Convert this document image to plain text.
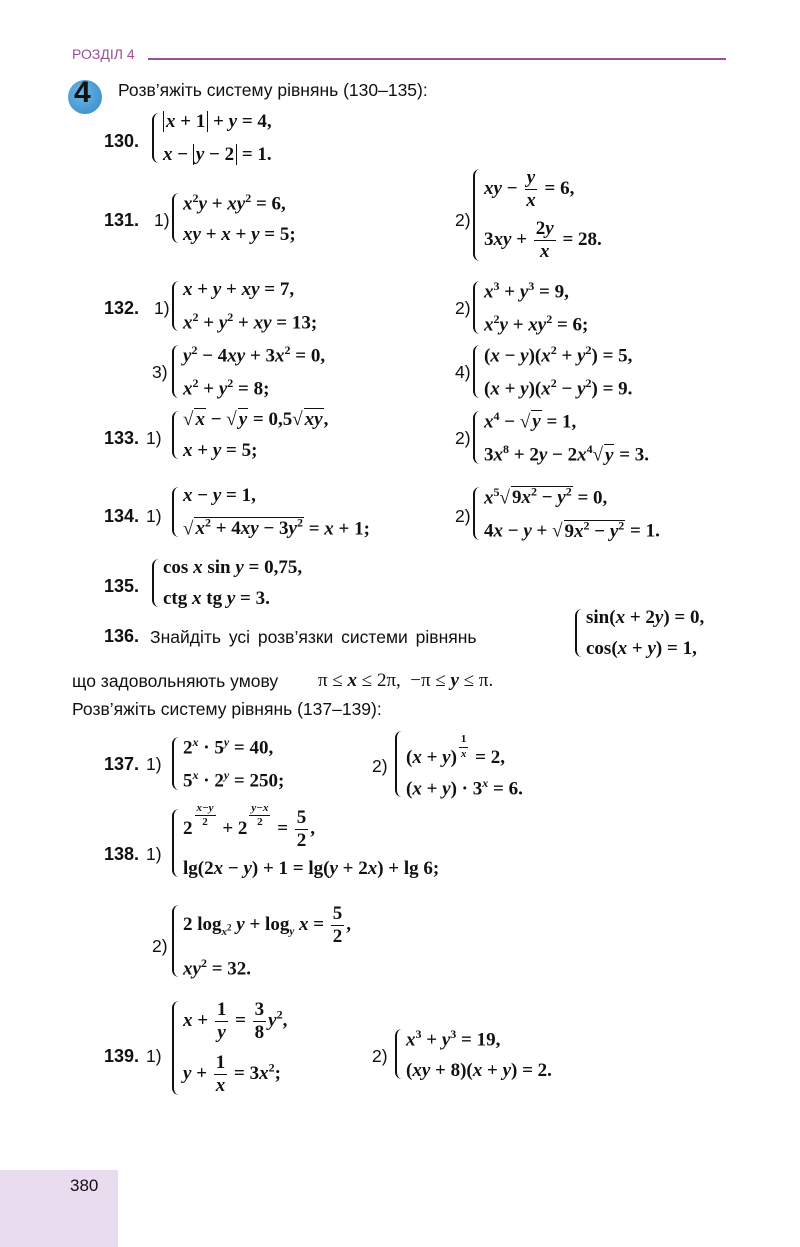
РОЗДІЛ 4
4 Розв’яжіть систему рівнянь (130–135):
130.
x + 1 + y = 4,
x − y − 2 = 1.
131. 1)
$x^2y + xy^2 = 6$,
xy + x + y = 5;
2)
xy − $\frac{y}{x} = 6$,
$3xy + \frac{2y}{x} = 28$.
132. 1)
x + y + xy = 7,
$x^2 + y^2$ + xy = 13;
2)
$x^3 + y^3 = 9$,
$x^2y + xy^2 = 6$;
3)
$y^2 - 4xy + 3x^2 = 0$,
$x^2 + y^2 = 8$;
4)
$(x - y)(x^2 + y^2) = 5$,
$(x + y)(x^2 - y^2) = 9$.
133. 1)
√ x − √ y = 0,5√ xy,
x + y = 5;
2)
$x^4$ − √ y = 1,
$3x^8 + 2y - 2x^4√$ y = 3.
134. 1)
x − y = 1,
√ $x^2 + 4xy - 3y^2 = x + 1$;
2)
$x^5√$ $9x^2 - y^2 = 0$,
4x − y + √ $9x^2 - y^2 = 1$.
135.
cos x sin y = 0,75,
ctg x tg y = 3.
136. Знайдіть усі розв’язки системи рівнянь
sin(x + 2y) = 0,
cos(x + y) = 1,
що задовольняють умову π ≤ x ≤ 2π,  −π ≤ y ≤ π.
Розв’яжіть систему рівнянь (137–139):
137. 1)
$2^x \cdot 5^y = 40$,
$5^x \cdot 2^y = 250$;
2) (x + y) $^{\frac{1}{x}}$ = 2,
$(x + y) \cdot 3^x = 6$.
138. 1)
2 $^{\frac{x-y}{2}}$ + 2 $^{\frac{y-x}{2}} = \frac{5}{2}$ ,
lg(2x − y) + 1 = lg(y + 2x) + lg 6;
2)
2 $\log_{x^2} y + \log_y x = \frac{5}{2}$ ,
$xy^2 = 32$.
139. 1)
$x + \frac{1}{y} = \frac{3}{8} y^2$,
$y + \frac{1}{x} = 3x^2$;
2)
$x^3 + y^3 = 19$,
(xy + 8)(x + y) = 2.
380
